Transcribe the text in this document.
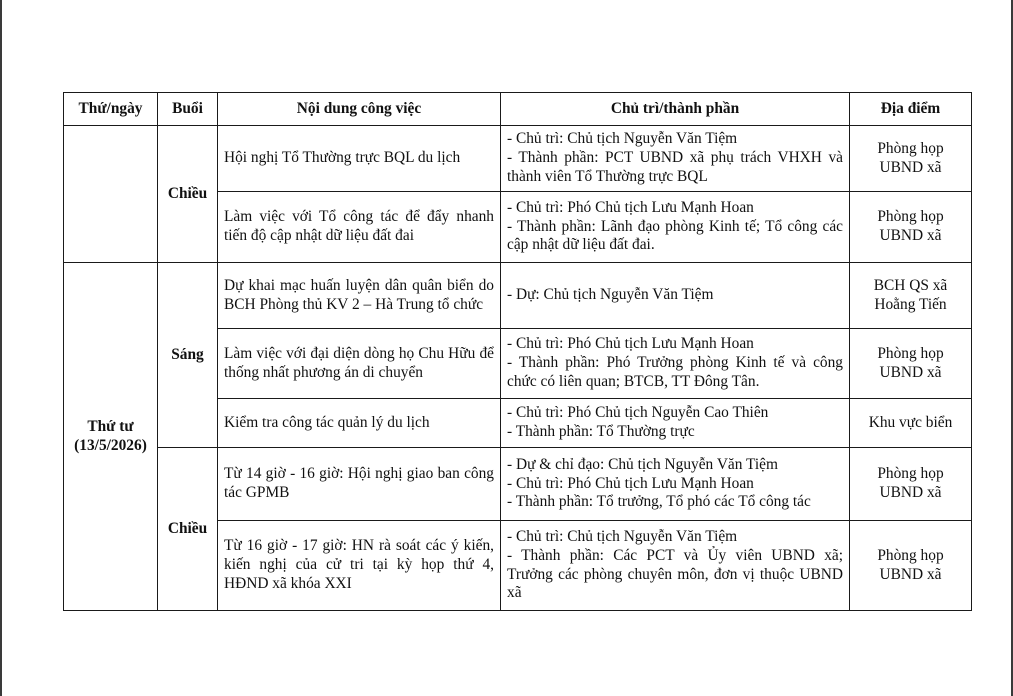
Thứ/ngày	Buổi	Nội dung công việc	Chủ trì/thành phần	Địa điểm
	Chiều	Hội nghị Tổ Thường trực BQL du lịch	- Chủ trì: Chủ tịch Nguyễn Văn Tiệm
- Thành phần: PCT UBND xã phụ trách VHXH và thành viên Tổ Thường trực BQL	Phòng họp UBND xã
		Làm việc với Tổ công tác để đẩy nhanh tiến độ cập nhật dữ liệu đất đai	- Chủ trì: Phó Chủ tịch Lưu Mạnh Hoan
- Thành phần: Lãnh đạo phòng Kinh tế; Tổ công các cập nhật dữ liệu đất đai.	Phòng họp UBND xã

Thứ tư
(13/5/2026)	Sáng	Dự khai mạc huấn luyện dân quân biển do BCH Phòng thủ KV 2 – Hà Trung tổ chức	- Dự: Chủ tịch Nguyễn Văn Tiệm	BCH QS xã Hoằng Tiến
		Làm việc với đại diện dòng họ Chu Hữu để thống nhất phương án di chuyển	- Chủ trì: Phó Chủ tịch Lưu Mạnh Hoan
- Thành phần: Phó Trưởng phòng Kinh tế và công chức có liên quan; BTCB, TT Đông Tân.	Phòng họp UBND xã
		Kiểm tra công tác quản lý du lịch	- Chủ trì: Phó Chủ tịch Nguyễn Cao Thiên
- Thành phần: Tổ Thường trực	Khu vực biển
	Chiều	Từ 14 giờ - 16 giờ: Hội nghị giao ban công tác GPMB	- Dự & chỉ đạo: Chủ tịch Nguyễn Văn Tiệm
- Chủ trì: Phó Chủ tịch Lưu Mạnh Hoan
- Thành phần: Tổ trưởng, Tổ phó các Tổ công tác	Phòng họp UBND xã
		Từ 16 giờ - 17 giờ: HN rà soát các ý kiến, kiến nghị của cử tri tại kỳ họp thứ 4, HĐND xã khóa XXI	- Chủ trì: Chủ tịch Nguyễn Văn Tiệm
- Thành phần: Các PCT và Ủy viên UBND xã; Trưởng các phòng chuyên môn, đơn vị thuộc UBND xã	Phòng họp UBND xã
